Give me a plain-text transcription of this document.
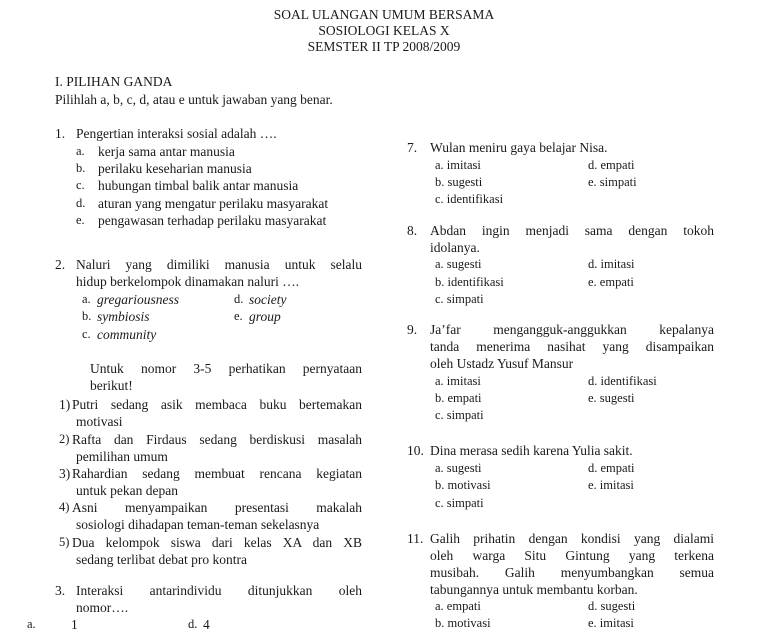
SOAL ULANGAN UMUM BERSAMA
SOSIOLOGI KELAS X
SEMSTER II TP 2008/2009
I. PILIHAN GANDA
Pilihlah a, b, c, d, atau e untuk jawaban yang benar.
1. Pengertian interaksi sosial adalah ….
a. kerja sama antar manusia
b. perilaku keseharian manusia
c. hubungan timbal balik antar manusia
d. aturan yang mengatur perilaku masyarakat
e. pengawasan terhadap perilaku masyarakat
2. Naluri yang dimiliki manusia untuk selalu
hidup berkelompok dinamakan naluri ….
a. gregariousness	d. society
b. symbiosis	e. group
c. community
Untuk nomor 3-5 perhatikan pernyataan
berikut!
1) Putri sedang asik membaca buku bertemakan
motivasi
2) Rafta dan Firdaus sedang berdiskusi masalah
pemilihan umum
3) Rahardian sedang membuat rencana kegiatan
untuk pekan depan
4) Asni menyampaikan presentasi makalah
sosiologi dihadapan teman-teman sekelasnya
5) Dua kelompok siswa dari kelas XA dan XB
sedang terlibat debat pro kontra
3. Interaksi antarindividu ditunjukkan oleh
nomor….
a.	1	d. 4
7. Wulan meniru gaya belajar Nisa.
a. imitasi	d. empati
b. sugesti	e. simpati
c. identifikasi
8. Abdan ingin menjadi sama dengan tokoh
idolanya.
a. sugesti	d. imitasi
b. identifikasi	e. empati
c. simpati
9. Ja’far mengangguk-anggukkan kepalanya
tanda menerima nasihat yang disampaikan
oleh Ustadz Yusuf Mansur
a. imitasi	d. identifikasi
b. empati	e. sugesti
c. simpati
10. Dina merasa sedih karena Yulia sakit.
a. sugesti	d. empati
b. motivasi	e. imitasi
c. simpati
11. Galih prihatin dengan kondisi yang dialami
oleh warga Situ Gintung yang terkena
musibah. Galih menyumbangkan semua
tabungannya untuk membantu korban.
a. empati	d. sugesti
b. motivasi	e. imitasi
